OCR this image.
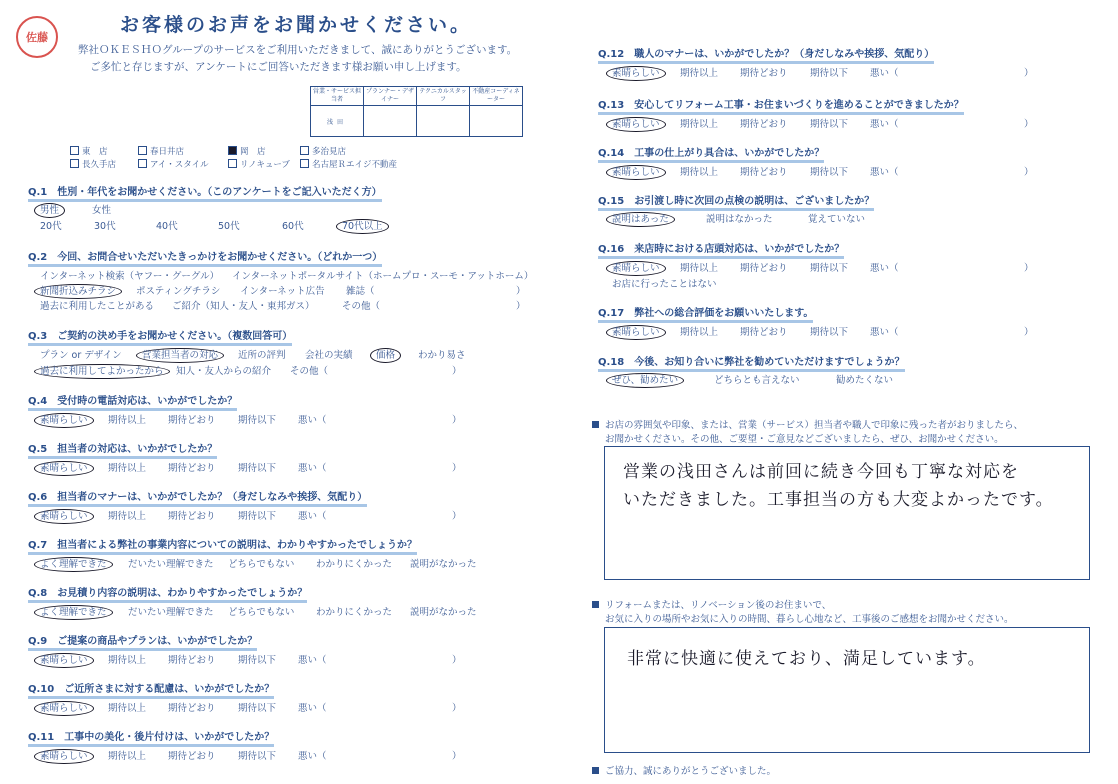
佐藤
お客様のお声をお聞かせください。
弊社ＯＫＥＳＨＯグループのサービスをご利用いただきまして、誠にありがとうございます。
ご多忙と存じますが、アンケートにご回答いただきます様お願い申し上げます。
営業・サービス担当者	プランナー・デザイナー	テクニカルスタッフ	不動産コーディネーター
浅田			
東　店	春日井店	岡　店	多治見店
長久手店	アイ・スタイル	リノキューブ	名古屋Ｒエイジ不動産
Q.1　性別・年代をお聞かせください。（このアンケートをご記入いただく方）
男性	女性
20代	30代	40代	50代	60代	70代以上
Q.2　今回、お問合せいただいたきっかけをお聞かせください。（どれか一つ）
インターネット検索（ヤフー・グーグル） インターネットポータルサイト（ホームプロ・スーモ・アットホーム）
新聞折込みチラシ	ポスティングチラシ インターネット広告 雑誌（	）
過去に利用したことがある ご紹介（知人・友人・東邦ガス）	その他（	）
Q.3　ご契約の決め手をお聞かせください。（複数回答可）
プラン or デザイン 営業担当者の対応	近所の評判 会社の実績 価格	わかり易さ
過去に利用してよかったから	知人・友人からの紹介 その他（	）
Q.4　受付時の電話対応は、いかがでしたか？
素晴らしい	期待以上 期待どおり 期待以下 悪い（	）
Q.5　担当者の対応は、いかがでしたか？
素晴らしい	期待以上 期待どおり 期待以下 悪い（	）
Q.6　担当者のマナーは、いかがでしたか？（身だしなみや挨拶、気配り）
素晴らしい	期待以上 期待どおり 期待以下 悪い（	）
Q.9　ご提案の商品やプランは、いかがでしたか？
素晴らしい	期待以上 期待どおり 期待以下 悪い（	）
Q.10　ご近所さまに対する配慮は、いかがでしたか？
素晴らしい	期待以上 期待どおり 期待以下 悪い（	）
Q.11　工事中の美化・後片付けは、いかがでしたか？
素晴らしい	期待以上 期待どおり 期待以下 悪い（	）
Q.12　職人のマナーは、いかがでしたか？（身だしなみや挨拶、気配り）
素晴らしい	期待以上 期待どおり 期待以下 悪い（	）
Q.13　安心してリフォーム工事・お住まいづくりを進めることができましたか？
素晴らしい	期待以上 期待どおり 期待以下 悪い（	）
Q.14　工事の仕上がり具合は、いかがでしたか？
素晴らしい	期待以上 期待どおり 期待以下 悪い（	）
Q.16　来店時における店頭対応は、いかがでしたか？
素晴らしい	期待以上 期待どおり 期待以下 悪い（	）
Q.17　弊社への総合評価をお願いいたします。
素晴らしい	期待以上 期待どおり 期待以下 悪い（	）
Q.7　担当者による弊社の事業内容についての説明は、わかりやすかったでしょうか？
よく理解できた	だいたい理解できた どちらでもない わかりにくかった 説明がなかった
Q.8　お見積り内容の説明は、わかりやすかったでしょうか？
よく理解できた	だいたい理解できた どちらでもない わかりにくかった 説明がなかった
Q.15　お引渡し時に次回の点検の説明は、ございましたか？
説明はあった	説明はなかった	覚えていない
お店に行ったことはない
Q.18　今後、お知り合いに弊社を勧めていただけますでしょうか？
ぜひ、勧めたい	どちらとも言えない	勧めたくない
お店の雰囲気や印象、または、営業（サービス）担当者や職人で印象に残った者がおりましたら、
お聞かせください。その他、ご要望・ご意見などございましたら、ぜひ、お聞かせください。
営業の浅田さんは前回に続き今回も丁寧な対応を
いただきました。工事担当の方も大変よかったです。
リフォームまたは、リノベーション後のお住まいで、
お気に入りの場所やお気に入りの時間、暮らし心地など、工事後のご感想をお聞かせください。
非常に快適に使えており、満足しています。
ご協力、誠にありがとうございました。
